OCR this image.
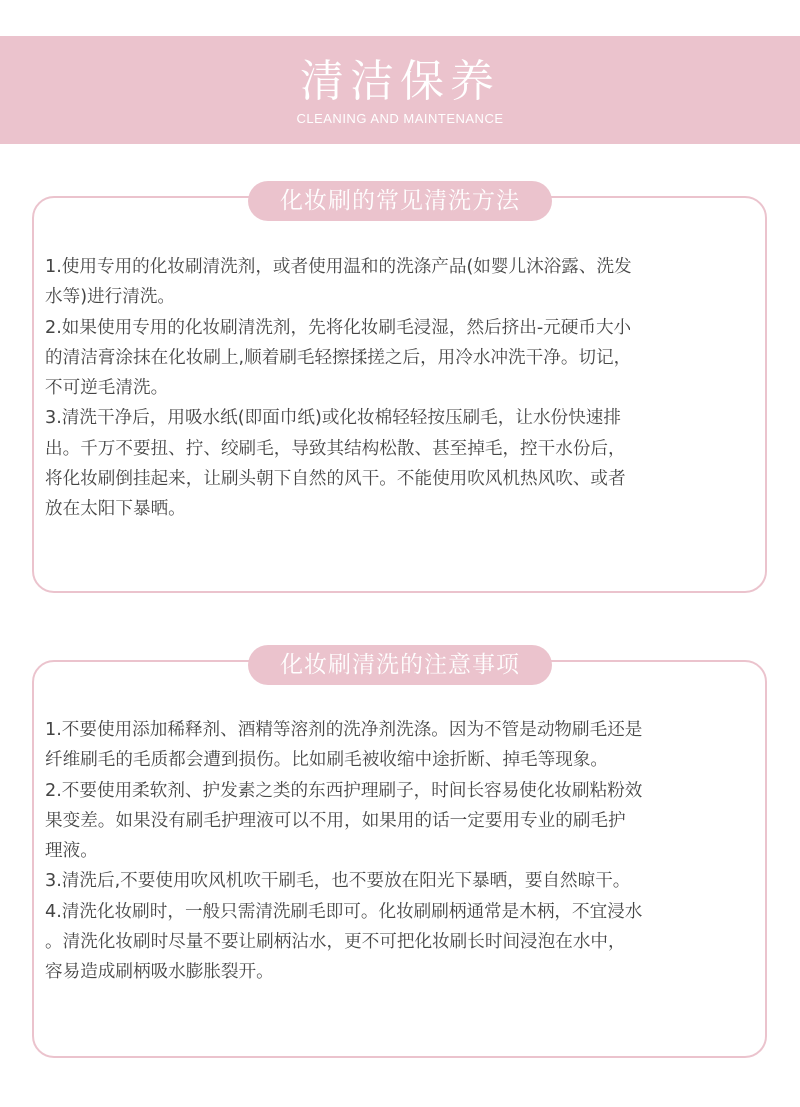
清洁保养
CLEANING AND MAINTENANCE
化妆刷的常见清洗方法
1.使用专用的化妆刷清洗剂，或者使用温和的洗涤产品(如婴儿沐浴露、洗发
水等)进行清洗。
2.如果使用专用的化妆刷清洗剂，先将化妆刷毛浸湿，然后挤出-元硬币大小
的清洁膏涂抹在化妆刷上,顺着刷毛轻擦揉搓之后，用冷水冲洗干净。切记，
不可逆毛清洗。
3.清洗干净后，用吸水纸(即面巾纸)或化妆棉轻轻按压刷毛，让水份快速排
出。千万不要扭、拧、绞刷毛，导致其结构松散、甚至掉毛，控干水份后，
将化妆刷倒挂起来，让刷头朝下自然的风干。不能使用吹风机热风吹、或者
放在太阳下暴晒。
化妆刷清洗的注意事项
1.不要使用添加稀释剂、酒精等溶剂的洗净剂洗涤。因为不管是动物刷毛还是
纤维刷毛的毛质都会遭到损伤。比如刷毛被收缩中途折断、掉毛等现象。
2.不要使用柔软剂、护发素之类的东西护理刷子，时间长容易使化妆刷粘粉效
果变差。如果没有刷毛护理液可以不用，如果用的话一定要用专业的刷毛护
理液。
3.清洗后,不要使用吹风机吹干刷毛，也不要放在阳光下暴晒，要自然晾干。
4.清洗化妆刷时，一般只需清洗刷毛即可。化妆刷刷柄通常是木柄，不宜浸水
。清洗化妆刷时尽量不要让刷柄沾水，更不可把化妆刷长时间浸泡在水中，
容易造成刷柄吸水膨胀裂开。
